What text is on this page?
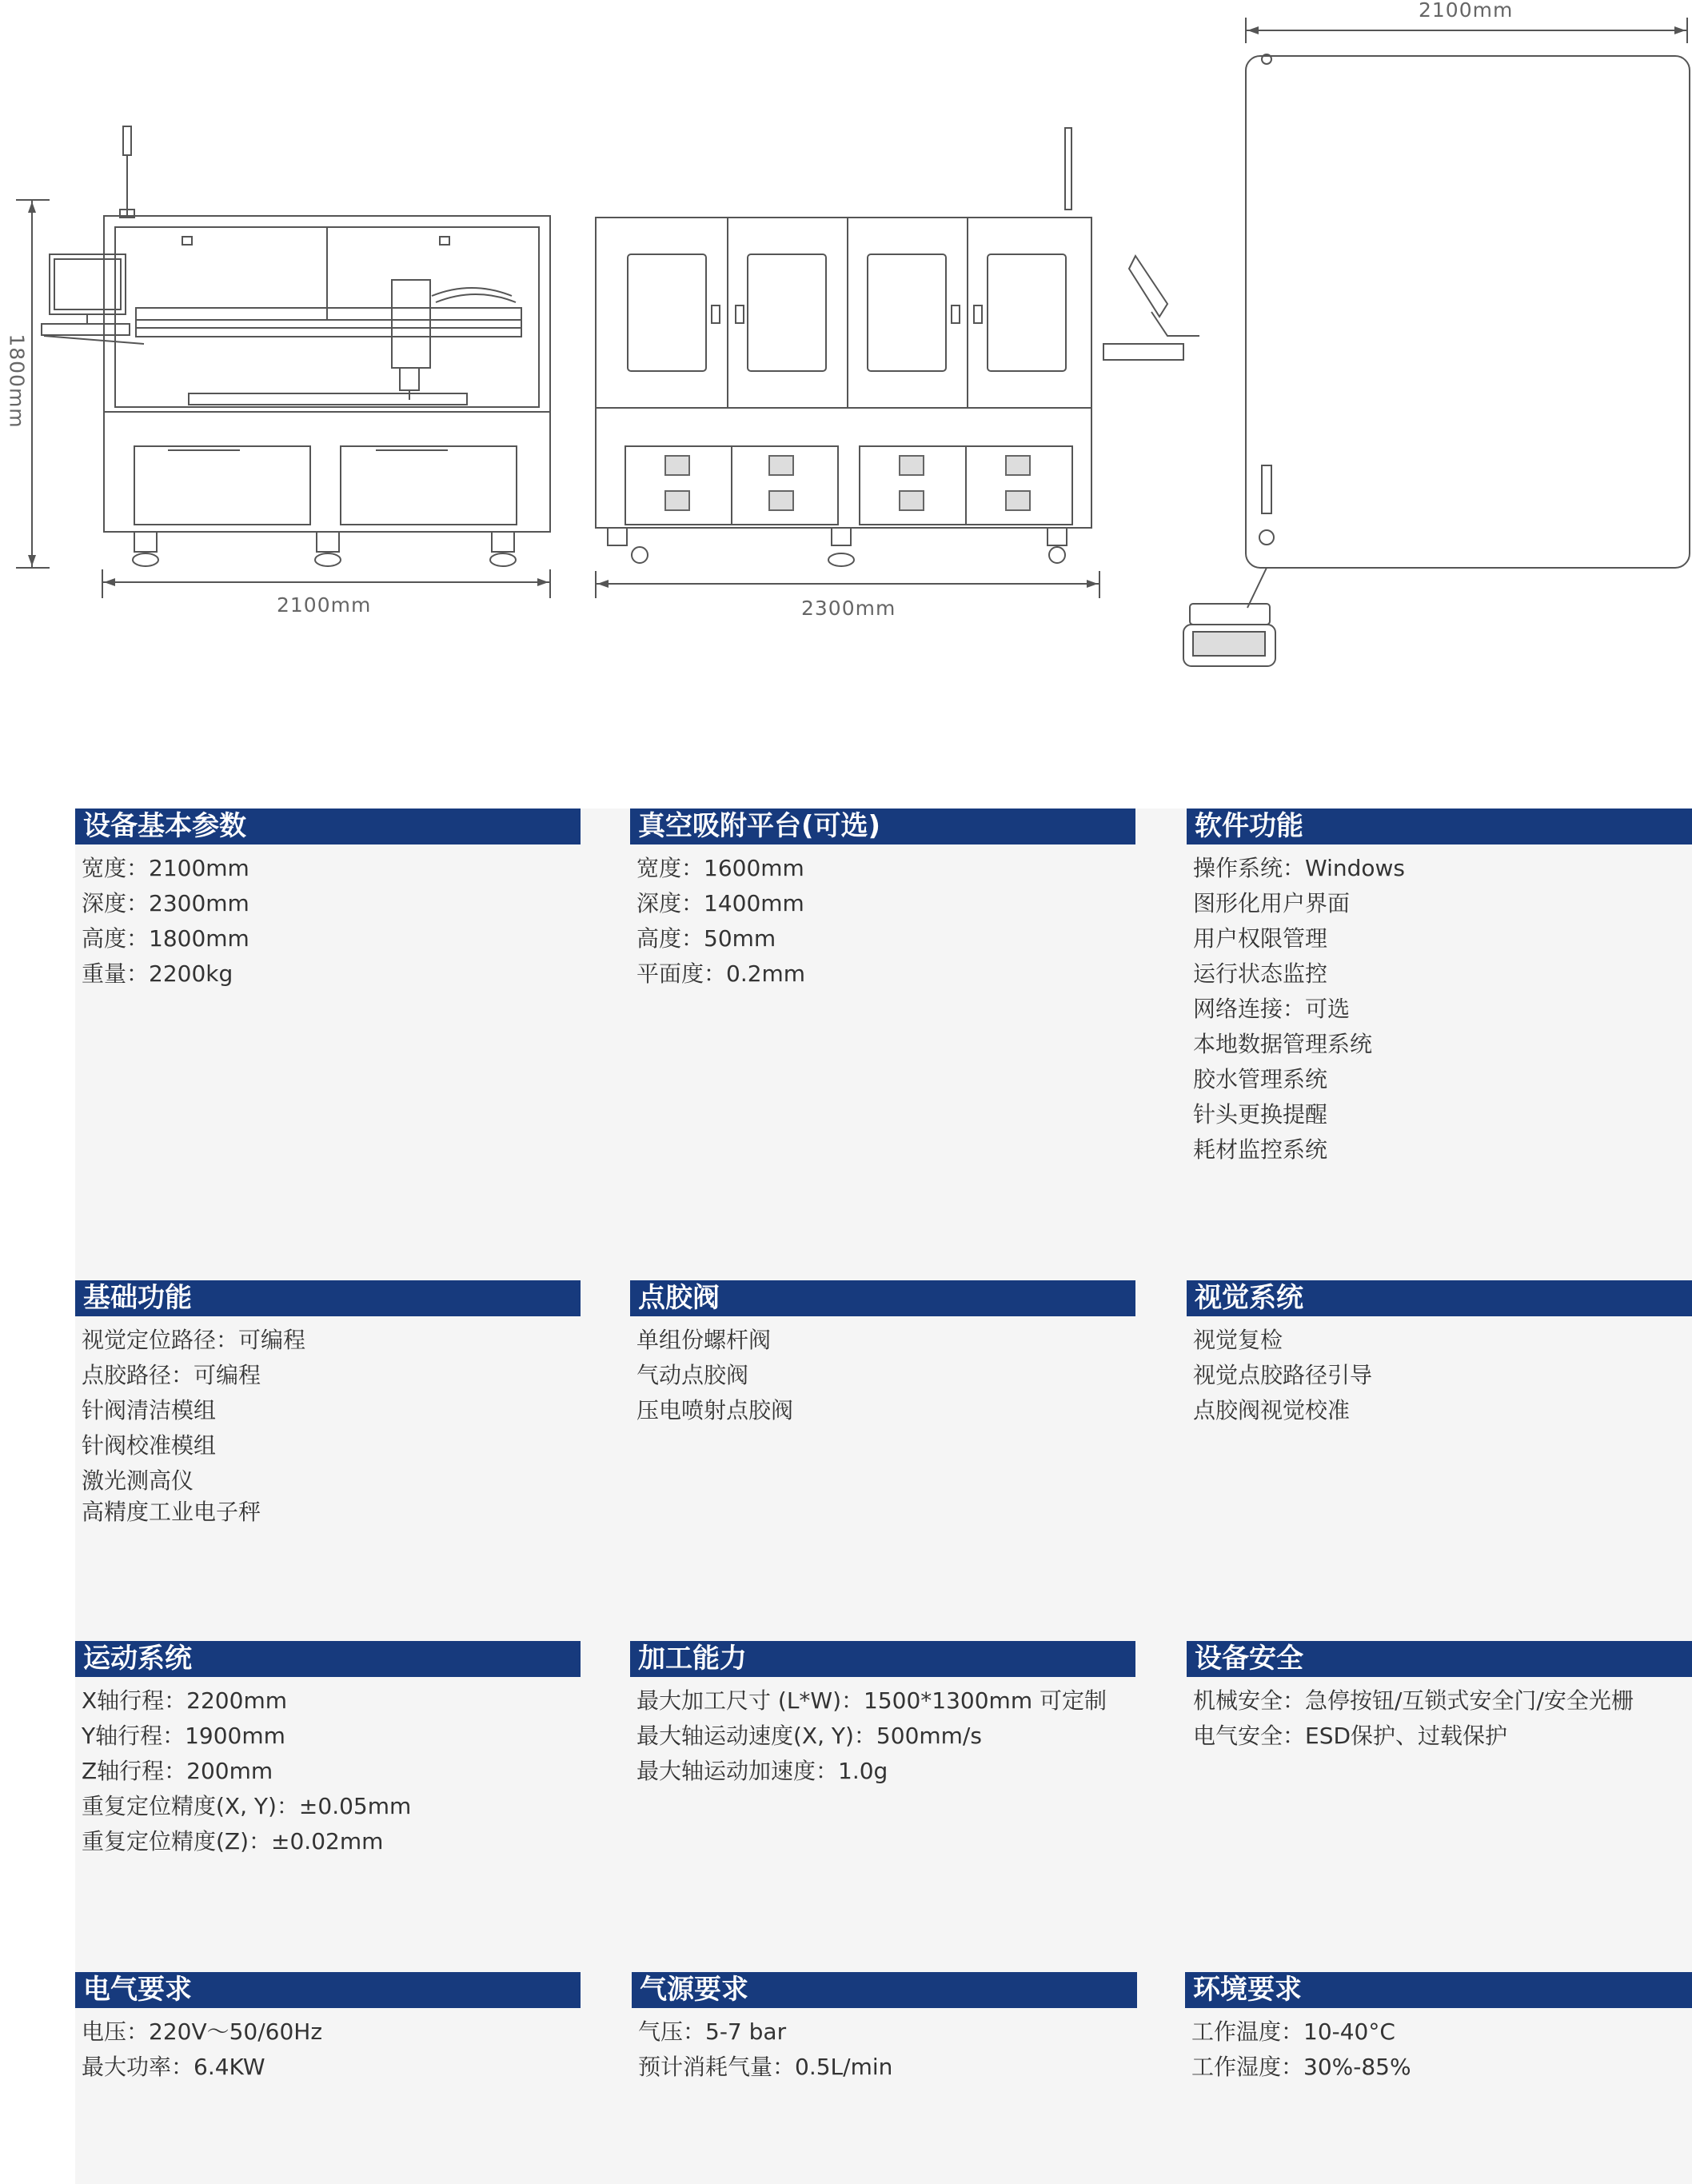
2100mm
1800mm
2100mm	2300mm
设备基本参数
宽度：2100mm
深度：2300mm
高度：1800mm
重量：2200kg
真空吸附平台(可选)
宽度：1600mm
深度：1400mm
高度：50mm
平面度：0.2mm
软件功能
操作系统：Windows
图形化用户界面
用户权限管理
运行状态监控
网络连接：可选
本地数据管理系统
胶水管理系统
针头更换提醒
耗材监控系统
基础功能
视觉定位路径：可编程
点胶路径：可编程
针阀清洁模组
针阀校准模组
激光测高仪
高精度工业电子秤
点胶阀
单组份螺杆阀
气动点胶阀
压电喷射点胶阀
视觉系统
视觉复检
视觉点胶路径引导
点胶阀视觉校准
运动系统
X轴行程：2200mm
Y轴行程：1900mm
Z轴行程：200mm
重复定位精度(X, Y)：±0.05mm
重复定位精度(Z)：±0.02mm
加工能力
最大加工尺寸 (L*W)：1500*1300mm 可定制
最大轴运动速度(X, Y)：500mm/s
最大轴运动加速度：1.0g
设备安全
机械安全：急停按钮/互锁式安全门/安全光栅
电气安全：ESD保护、过载保护
电气要求
电压：220V～50/60Hz
最大功率：6.4KW
气源要求
气压：5-7 bar
预计消耗气量：0.5L/min
环境要求
工作温度：10-40°C
工作湿度：30%-85%
